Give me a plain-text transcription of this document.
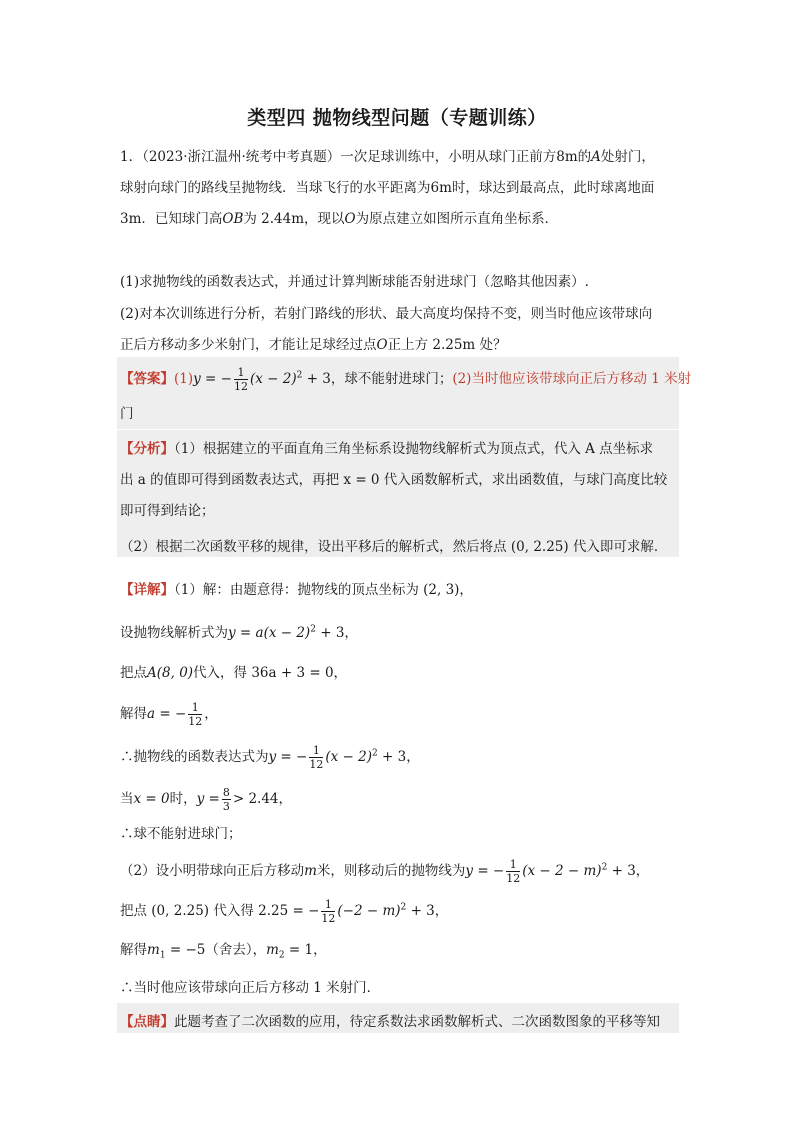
类型四 抛物线型问题（专题训练）
1．（2023·浙江温州·统考中考真题）一次足球训练中，小明从球门正前方8m的A处射门，
球射向球门的路线呈抛物线．当球飞行的水平距离为6m时，球达到最高点，此时球离地面
3m．已知球门高OB为 2.44m，现以O为原点建立如图所示直角坐标系．
(1)求抛物线的函数表达式，并通过计算判断球能否射进球门（忽略其他因素）.
(2)对本次训练进行分析，若射门路线的形状、最大高度均保持不变，则当时他应该带球向
正后方移动多少米射门，才能让足球经过点O正上方 2.25m 处？
【答案】(1)y = − $\frac{1}{12} (x - 2)^2 + 3$，球不能射进球门；(2)当时他应该带球向正后方移动 1 米射
门
【分析】（1）根据建立的平面直角三角坐标系设抛物线解析式为顶点式，代入 A 点坐标求
出 a 的值即可得到函数表达式，再把 x = 0 代入函数解析式，求出函数值，与球门高度比较
即可得到结论；
（2）根据二次函数平移的规律，设出平移后的解析式，然后将点 (0, 2.25) 代入即可求解．
【详解】（1）解：由题意得：抛物线的顶点坐标为 (2, 3)，
设抛物线解析式为$y = a(x - 2)^2 + 3$，
把点A(8, 0)代入，得 36a + 3 = 0，
解得a = − $\frac{1}{12}$ ，
∴抛物线的函数表达式为y = − $\frac{1}{12} (x - 2)^2 + 3$，
当x = 0时，$y = \frac{8}{3} > 2.44$，
∴球不能射进球门；
（2）设小明带球向正后方移动m米，则移动后的抛物线为y = − $\frac{1}{12} (x - 2 - m)^2 + 3$，
把点 (0, 2.25) 代入得 2.25 = − $\frac{1}{12} (-2 - m)^2 + 3$，
解得$m_1 = -5$（舍去），$m_2 = 1$，
∴当时他应该带球向正后方移动 1 米射门．
【点睛】此题考查了二次函数的应用，待定系数法求函数解析式、二次函数图象的平移等知
